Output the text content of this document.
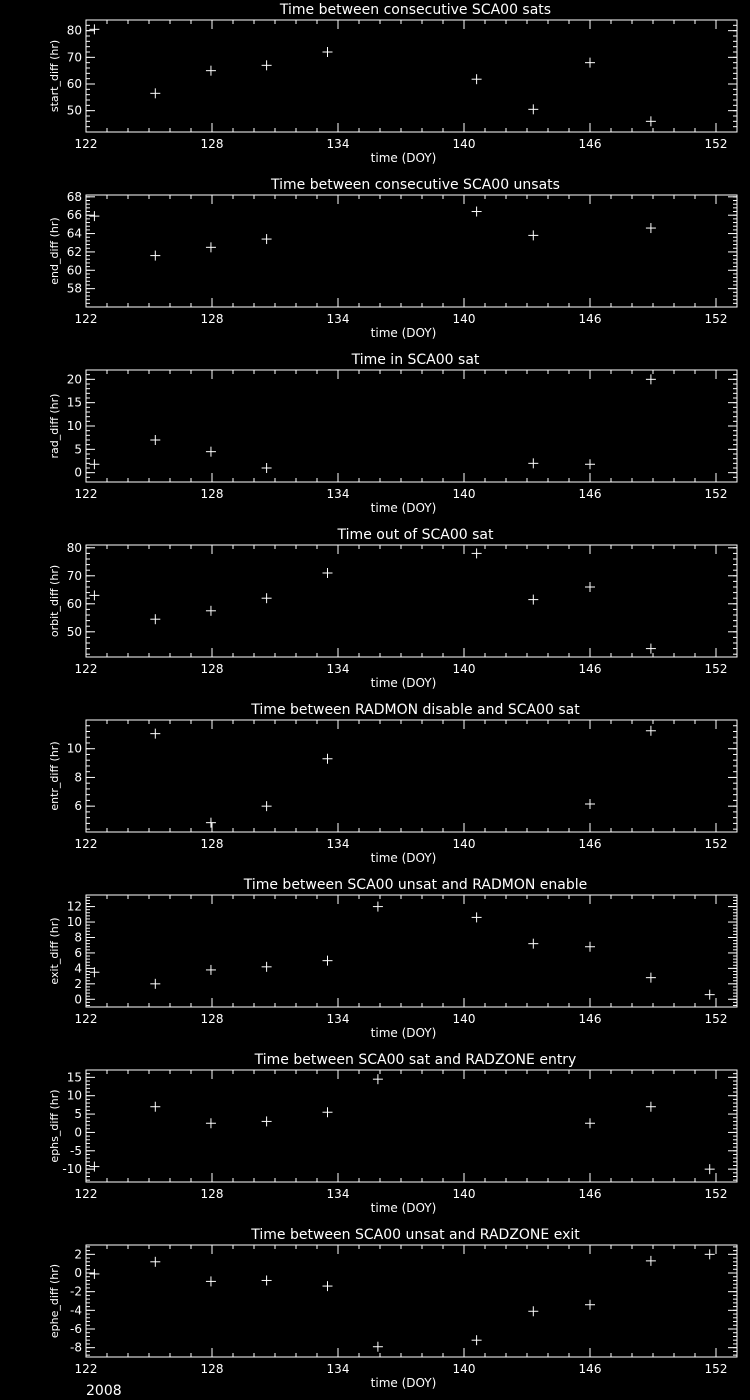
122	128	134	140	146	152
50
60
70
80
Time between consecutive SCA00 sats
time (DOY)
start_diff (hr)
122	128	134	140	146	152
58
60
62
64
66
68
Time between consecutive SCA00 unsats
time (DOY)
end_diff (hr)
122	128	134	140	146	152
0
5
10
15
20
Time in SCA00 sat
time (DOY)
rad_diff (hr)
122	128	134	140	146	152
50
60
70
80
Time out of SCA00 sat
time (DOY)
orbit_diff (hr)
122	128	134	140	146	152
6
8
10
Time between RADMON disable and SCA00 sat
time (DOY)
entr_diff (hr)
122	128	134	140	146	152
0
2
4
6
8
10
12
Time between SCA00 unsat and RADMON enable
time (DOY)
exit_diff (hr)
122	128	134	140	146	152
-10
-5
0
5
10
15
Time between SCA00 sat and RADZONE entry
time (DOY)
ephs_diff (hr)
122	128	134	140	146	152
-8
-6
-4
-2
0
2
Time between SCA00 unsat and RADZONE exit
time (DOY)
ephe_diff (hr)
2008
